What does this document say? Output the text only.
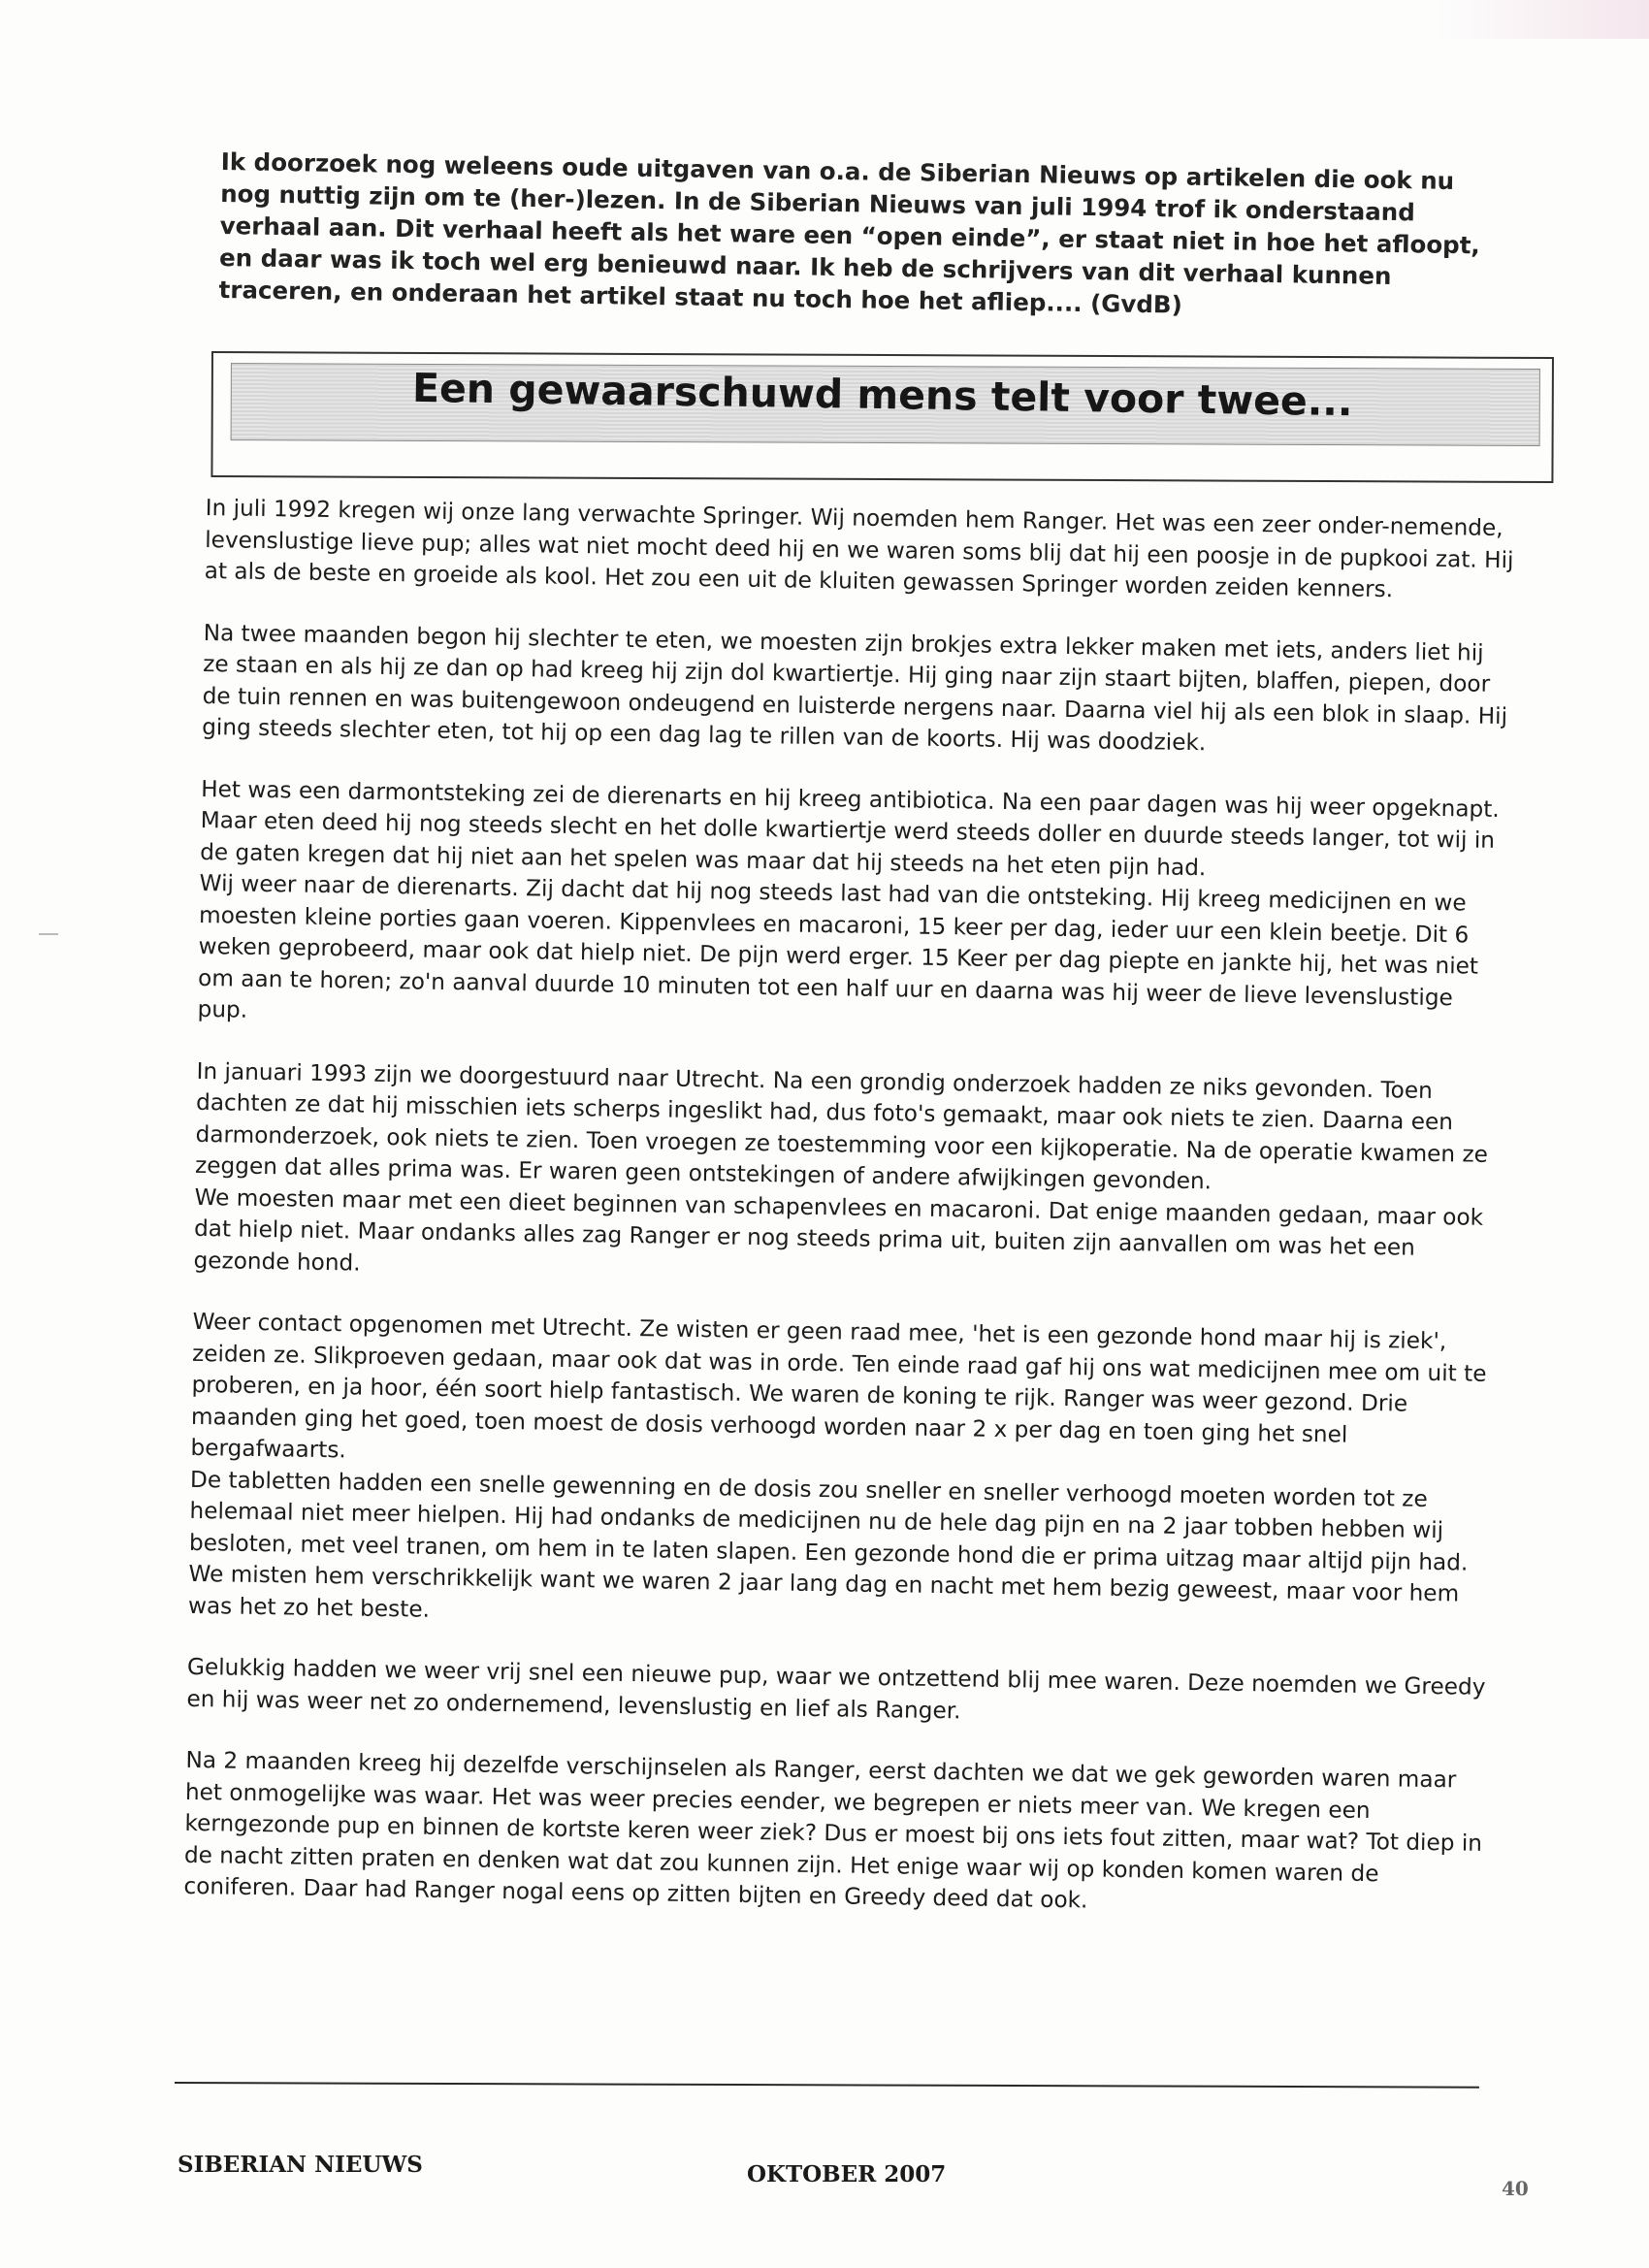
Ik doorzoek nog weleens oude uitgaven van o.a. de Siberian Nieuws op artikelen die ook nu nog nuttig zijn om te (her-)lezen. In de Siberian Nieuws van juli 1994 trof ik onderstaand verhaal aan. Dit verhaal heeft als het ware een “open einde”, er staat niet in hoe het afloopt, en daar was ik toch wel erg benieuwd naar. Ik heb de schrijvers van dit verhaal kunnen traceren, en onderaan het artikel staat nu toch hoe het afliep.... (GvdB)

Een gewaarschuwd mens telt voor twee...

In juli 1992 kregen wij onze lang verwachte Springer. Wij noemden hem Ranger. Het was een zeer onder-nemende, levenslustige lieve pup; alles wat niet mocht deed hij en we waren soms blij dat hij een poosje in de pupkooi zat. Hij at als de beste en groeide als kool. Het zou een uit de kluiten gewassen Springer worden zeiden kenners.

Na twee maanden begon hij slechter te eten, we moesten zijn brokjes extra lekker maken met iets, anders liet hij ze staan en als hij ze dan op had kreeg hij zijn dol kwartiertje. Hij ging naar zijn staart bijten, blaffen, piepen, door de tuin rennen en was buitengewoon ondeugend en luisterde nergens naar. Daarna viel hij als een blok in slaap. Hij ging steeds slechter eten, tot hij op een dag lag te rillen van de koorts. Hij was doodziek.

Het was een darmontsteking zei de dierenarts en hij kreeg antibiotica. Na een paar dagen was hij weer opgeknapt. Maar eten deed hij nog steeds slecht en het dolle kwartiertje werd steeds doller en duurde steeds langer, tot wij in de gaten kregen dat hij niet aan het spelen was maar dat hij steeds na het eten pijn had.

Wij weer naar de dierenarts. Zij dacht dat hij nog steeds last had van die ontsteking. Hij kreeg medicijnen en we moesten kleine porties gaan voeren. Kippenvlees en macaroni, 15 keer per dag, ieder uur een klein beetje. Dit 6 weken geprobeerd, maar ook dat hielp niet. De pijn werd erger. 15 Keer per dag piepte en jankte hij, het was niet om aan te horen; zo'n aanval duurde 10 minuten tot een half uur en daarna was hij weer de lieve levenslustige pup.

In januari 1993 zijn we doorgestuurd naar Utrecht. Na een grondig onderzoek hadden ze niks gevonden. Toen dachten ze dat hij misschien iets scherps ingeslikt had, dus foto's gemaakt, maar ook niets te zien. Daarna een darmonderzoek, ook niets te zien. Toen vroegen ze toestemming voor een kijkoperatie. Na de operatie kwamen ze zeggen dat alles prima was. Er waren geen ontstekingen of andere afwijkingen gevonden.

We moesten maar met een dieet beginnen van schapenvlees en macaroni. Dat enige maanden gedaan, maar ook dat hielp niet. Maar ondanks alles zag Ranger er nog steeds prima uit, buiten zijn aanvallen om was het een gezonde hond.

Weer contact opgenomen met Utrecht. Ze wisten er geen raad mee, 'het is een gezonde hond maar hij is ziek', zeiden ze. Slikproeven gedaan, maar ook dat was in orde. Ten einde raad gaf hij ons wat medicijnen mee om uit te proberen, en ja hoor, één soort hielp fantastisch. We waren de koning te rijk. Ranger was weer gezond. Drie maanden ging het goed, toen moest de dosis verhoogd worden naar 2 x per dag en toen ging het snel bergafwaarts.

De tabletten hadden een snelle gewenning en de dosis zou sneller en sneller verhoogd moeten worden tot ze helemaal niet meer hielpen. Hij had ondanks de medicijnen nu de hele dag pijn en na 2 jaar tobben hebben wij besloten, met veel tranen, om hem in te laten slapen. Een gezonde hond die er prima uitzag maar altijd pijn had. We misten hem verschrikkelijk want we waren 2 jaar lang dag en nacht met hem bezig geweest, maar voor hem was het zo het beste.

Gelukkig hadden we weer vrij snel een nieuwe pup, waar we ontzettend blij mee waren. Deze noemden we Greedy en hij was weer net zo ondernemend, levenslustig en lief als Ranger.

Na 2 maanden kreeg hij dezelfde verschijnselen als Ranger, eerst dachten we dat we gek geworden waren maar het onmogelijke was waar. Het was weer precies eender, we begrepen er niets meer van. We kregen een kerngezonde pup en binnen de kortste keren weer ziek? Dus er moest bij ons iets fout zitten, maar wat? Tot diep in de nacht zitten praten en denken wat dat zou kunnen zijn. Het enige waar wij op konden komen waren de coniferen. Daar had Ranger nogal eens op zitten bijten en Greedy deed dat ook.

SIBERIAN NIEUWS	OKTOBER 2007

40
